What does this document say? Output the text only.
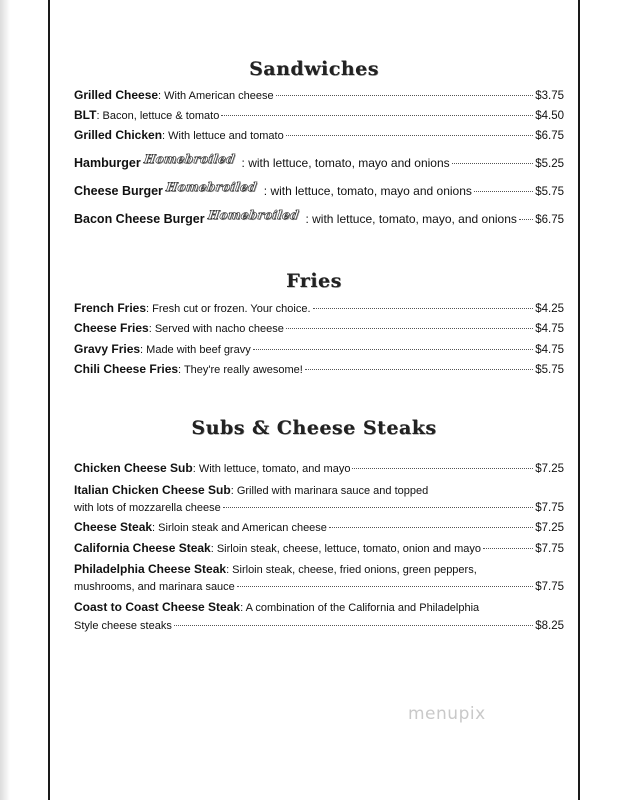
Sandwiches
Grilled Cheese : With American cheese	$3.75
BLT : Bacon, lettuce & tomato	$4.50
Grilled Chicken : With lettuce and tomato	$6.75
Hamburger Homebroiled : with lettuce, tomato, mayo and onions	$5.25
Cheese Burger Homebroiled : with lettuce, tomato, mayo and onions	$5.75
Bacon Cheese Burger Homebroiled : with lettuce, tomato, mayo, and onions $6.75
Fries
French Fries : Fresh cut or frozen. Your choice.	$4.25
Cheese Fries : Served with nacho cheese	$4.75
Gravy Fries : Made with beef gravy	$4.75
Chili Cheese Fries : They're really awesome!	$5.75
Subs & Cheese Steaks
Chicken Cheese Sub : With lettuce, tomato, and mayo	$7.25
Italian Chicken Cheese Sub : Grilled with marinara sauce and topped
with lots of mozzarella cheese	$7.75
Cheese Steak : Sirloin steak and American cheese	$7.25
California Cheese Steak : Sirloin steak, cheese, lettuce, tomato, onion and mayo	$7.75
Philadelphia Cheese Steak : Sirloin steak, cheese, fried onions, green peppers,
mushrooms, and marinara sauce	$7.75
Coast to Coast Cheese Steak : A combination of the California and Philadelphia
Style cheese steaks	$8.25
menupix
